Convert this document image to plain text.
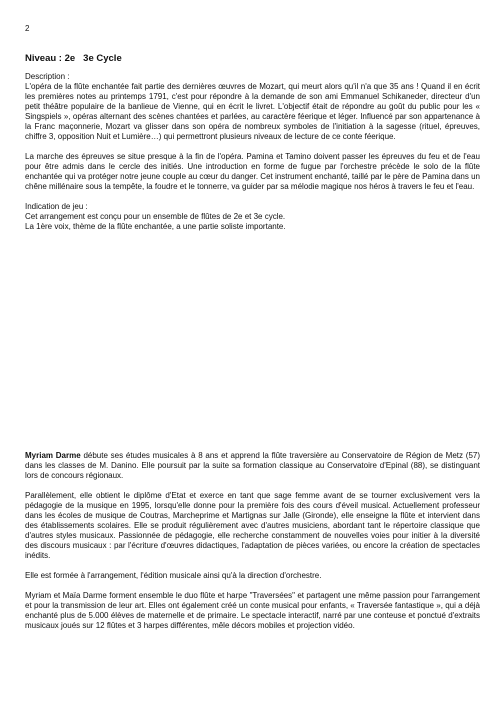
2
Niveau : 2e 3e Cycle

Description :

L'opéra de la flûte enchantée fait partie des dernières œuvres de Mozart, qui meurt alors qu'il n'a que 35 ans ! Quand il en écrit les premières notes au printemps 1791, c'est pour répondre à la demande de son ami Emmanuel Schikaneder, directeur d'un petit théâtre populaire de la banlieue de Vienne, qui en écrit le livret. L'objectif était de répondre au goût du public pour les « Singspiels », opéras alternant des scènes chantées et parlées, au caractère féerique et léger. Influencé par son appartenance à la Franc maçonnerie, Mozart va glisser dans son opéra de nombreux symboles de l'initiation à la sagesse (rituel, épreuves, chiffre 3, opposition Nuit et Lumière…) qui permettront plusieurs niveaux de lecture de ce conte féerique.

La marche des épreuves se situe presque à la fin de l'opéra. Pamina et Tamino doivent passer les épreuves du feu et de l'eau pour être admis dans le cercle des initiés. Une introduction en forme de fugue par l'orchestre précède le solo de la flûte enchantée qui va protéger notre jeune couple au cœur du danger. Cet instrument enchanté, taillé par le père de Pamina dans un chêne millénaire sous la tempête, la foudre et le tonnerre, va guider par sa mélodie magique nos héros à travers le feu et l'eau.

Indication de jeu :

Cet arrangement est conçu pour un ensemble de flûtes de 2e et 3e cycle.

La 1ère voix, thème de la flûte enchantée, a une partie soliste importante.

Myriam Darme débute ses études musicales à 8 ans et apprend la flûte traversière au Conservatoire de Région de Metz (57) dans les classes de M. Danino. Elle poursuit par la suite sa formation classique au Conservatoire d'Epinal (88), se distinguant lors de concours régionaux.

Parallèlement, elle obtient le diplôme d'Etat et exerce en tant que sage femme avant de se tourner exclusivement vers la pédagogie de la musique en 1995, lorsqu'elle donne pour la première fois des cours d'éveil musical. Actuellement professeur dans les écoles de musique de Coutras, Marcheprime et Martignas sur Jalle (Gironde), elle enseigne la flûte et intervient dans des établissements scolaires. Elle se produit régulièrement avec d'autres musiciens, abordant tant le répertoire classique que d'autres styles musicaux. Passionnée de pédagogie, elle recherche constamment de nouvelles voies pour initier à la diversité des discours musicaux : par l'écriture d'œuvres didactiques, l'adaptation de pièces variées, ou encore la création de spectacles inédits.

Elle est formée à l'arrangement, l'édition musicale ainsi qu'à la direction d'orchestre.

Myriam et Maïa Darme forment ensemble le duo flûte et harpe "Traversées" et partagent une même passion pour l'arrangement et pour la transmission de leur art. Elles ont également créé un conte musical pour enfants, « Traversée fantastique », qui a déjà enchanté plus de 5.000 élèves de maternelle et de primaire. Le spectacle interactif, narré par une conteuse et ponctué d'extraits musicaux joués sur 12 flûtes et 3 harpes différentes, mêle décors mobiles et projection vidéo.
